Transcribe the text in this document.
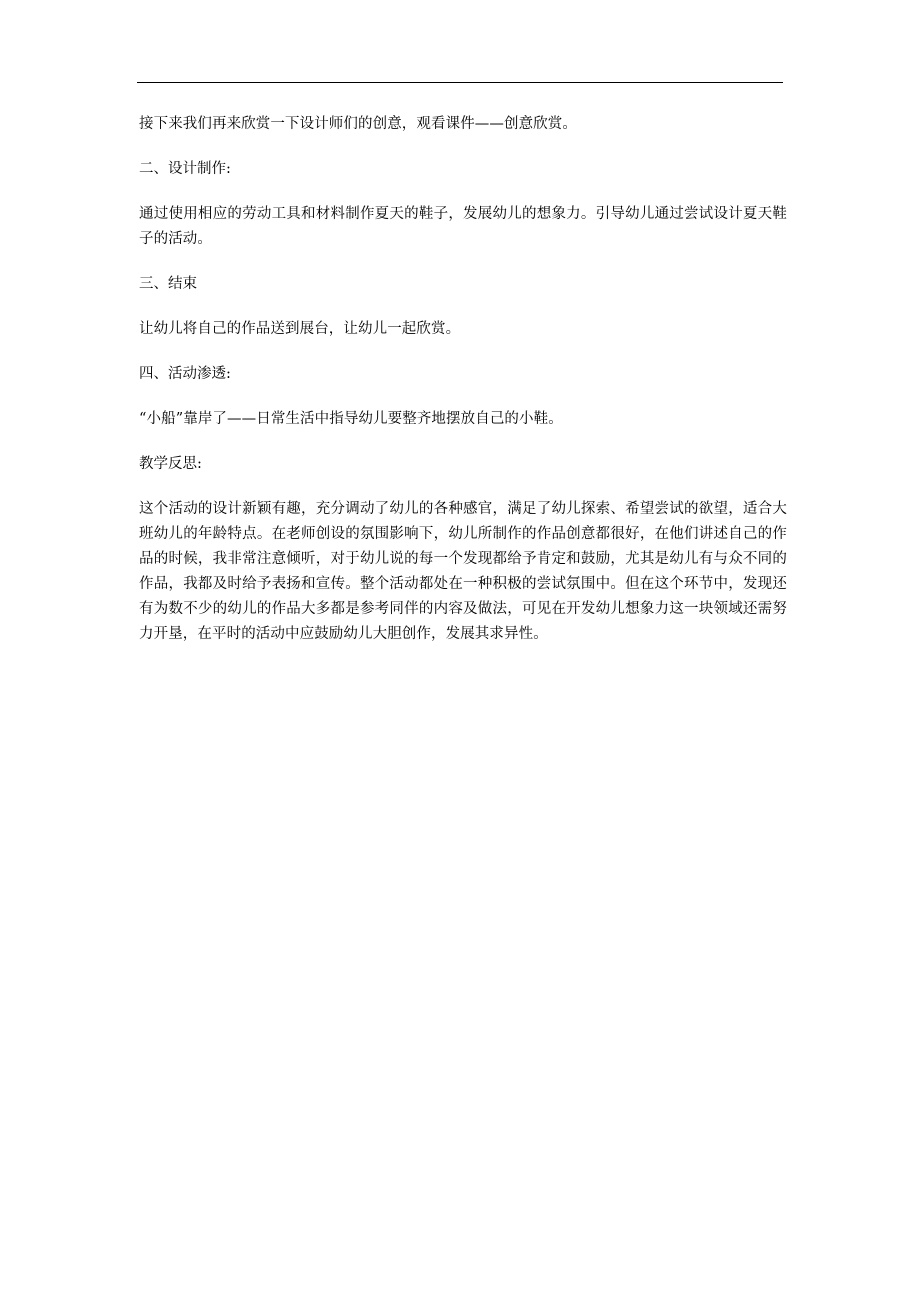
接下来我们再来欣赏一下设计师们的创意，观看课件——创意欣赏。

二、设计制作:

通过使用相应的劳动工具和材料制作夏天的鞋子，发展幼儿的想象力。引导幼儿通过尝试设计夏天鞋子的活动。

三、结束

让幼儿将自己的作品送到展台，让幼儿一起欣赏。

四、活动渗透:

“小船”靠岸了——日常生活中指导幼儿要整齐地摆放自己的小鞋。

教学反思:

这个活动的设计新颖有趣，充分调动了幼儿的各种感官，满足了幼儿探索、希望尝试的欲望，适合大班幼儿的年龄特点。在老师创设的氛围影响下，幼儿所制作的作品创意都很好，在他们讲述自己的作品的时候，我非常注意倾听，对于幼儿说的每一个发现都给予肯定和鼓励，尤其是幼儿有与众不同的作品，我都及时给予表扬和宣传。整个活动都处在一种积极的尝试氛围中。但在这个环节中，发现还有为数不少的幼儿的作品大多都是参考同伴的内容及做法，可见在开发幼儿想象力这一块领域还需努力开垦，在平时的活动中应鼓励幼儿大胆创作，发展其求异性。
